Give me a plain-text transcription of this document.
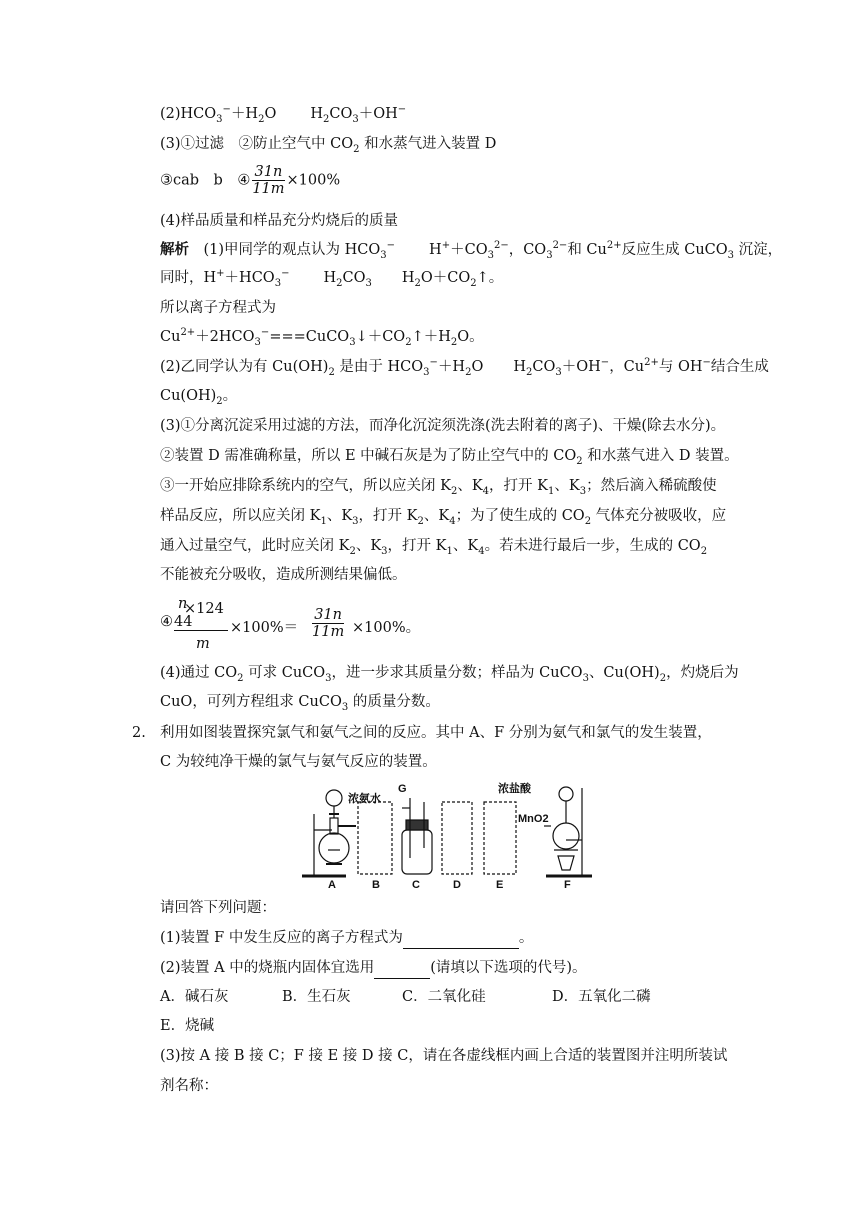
$(2)HCO_3^-+H_2O$ $H_2CO_3+OH^-$
(3)①过滤　②防止空气中 $CO_2$ 和水蒸气进入装置 D
③cab　b　④ $\frac{31n}{11m} \times 100\%$
(4)样品质量和样品充分灼烧后的质量
解析　 (1)甲同学的观点认为 $HCO_3^-$ $H^++CO_3^{2-}$，$CO_3^{2-}$和 $Cu^{2+}$反应生成 CuCO$_3$ 沉淀，
同时，$H^++HCO_3^-$ $H_2CO_3$ $H_2O+CO_2↑$。
所以离子方程式为
$Cu^{2+}+2HCO_3^-===CuCO_3↓+CO_2↑+H_2O$。
(2)乙同学认为有 $Cu(OH)_2$ 是由于 $HCO_3^-+H_2O$ $H_2CO_3+OH^-$，$Cu^{2+}$与 OH−结合生成
$Cu(OH)_2$。
(3)①分离沉淀采用过滤的方法，而净化沉淀须洗涤(洗去附着的离子)、干燥(除去水分)。
②装置 D 需准确称量，所以 E 中碱石灰是为了防止空气中的 $CO_2$ 和水蒸气进入 D 装置。
③一开始应排除系统内的空气，所以应关闭 $K_2$、$K_4$，打开 $K_1$、$K_3$；然后滴入稀硫酸使
样品反应，所以应关闭 $K_1$、$K_3$，打开 $K_2$、$K_4$；为了使生成的 $CO_2$ 气体充分被吸收，应
通入过量空气，此时应关闭 $K_2$、$K_3$，打开 $K_1$、$K_4$。若未进行最后一步，生成的 $CO_2$
不能被充分吸收，造成所测结果偏低。
n
×124
④ 44
m
$\times 100\%= \frac{31n}{11m} \times 100\%$。
(4)通过 $CO_2$ 可求 CuCO$_3$，进一步求其质量分数；样品为 CuCO$_3$、$Cu(OH)_2$，灼烧后为
CuO，可列方程组求 CuCO$_3$ 的质量分数。
2. 利用如图装置探究氯气和氨气之间的反应。其中 A、F 分别为氨气和氯气的发生装置，
C 为较纯净干燥的氯气与氨气反应的装置。
浓氨水
G	浓盐酸
MnO2
A	B	C	D	E	F
请回答下列问题：
(1)装置 F 中发生反应的离子方程式为	。
(2)装置 A 中的烧瓶内固体宜选用	(请填以下选项的代号)。
A．碱石灰	B．生石灰	C．二氧化硅	D．五氧化二磷
E．烧碱
(3)按 A 接 B 接 C；F 接 E 接 D 接 C，请在各虚线框内画上合适的装置图并注明所装试
剂名称：
